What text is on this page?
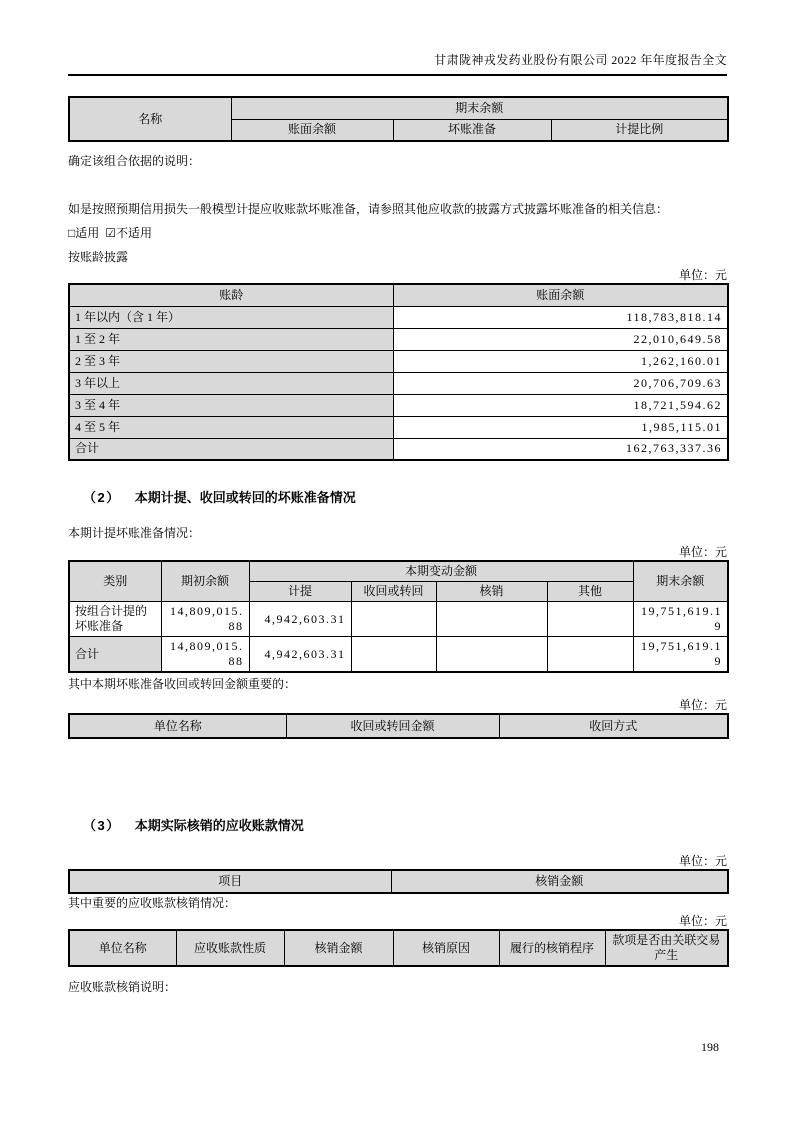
甘肃陇神戎发药业股份有限公司 2022 年年度报告全文
名称	期末余额		
	账面余额	坏账准备	计提比例

确定该组合依据的说明：

如是按照预期信用损失一般模型计提应收账款坏账准备，请参照其他应收款的披露方式披露坏账准备的相关信息：

□适用 ☑不适用

按账龄披露

单位：元
账龄	账面余额
1 年以内（含 1 年）	118,783,818.14
1 至 2 年	22,010,649.58
2 至 3 年	1,262,160.01
3 年以上	20,706,709.63
3 至 4 年	18,721,594.62
4 至 5 年	1,985,115.01
合计	162,763,337.36
（2） 本期计提、收回或转回的坏账准备情况

本期计提坏账准备情况：

单位：元
类别	期初余额	本期变动金额				期末余额
		计提	收回或转回	核销	其他	
按组合计提的坏账准备	14,809,015.88	4,942,603.31				19,751,619.19
合计	14,809,015.88	4,942,603.31				19,751,619.19

其中本期坏账准备收回或转回金额重要的：

单位：元
单位名称	收回或转回金额	收回方式
（3） 本期实际核销的应收账款情况
单位：元
项目	核销金额

其中重要的应收账款核销情况：

单位：元
单位名称	应收账款性质	核销金额	核销原因	履行的核销程序	款项是否由关联交易产生

应收账款核销说明：

198
